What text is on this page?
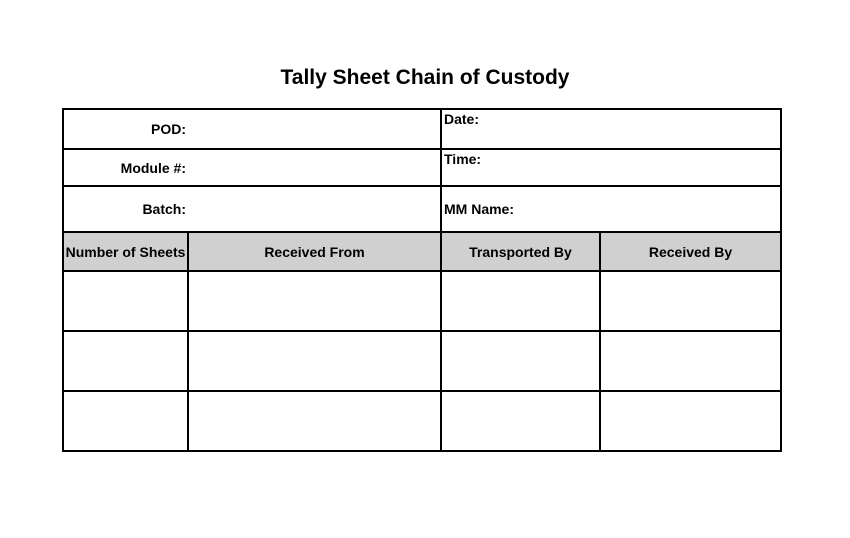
Tally Sheet Chain of Custody
POD:		Date:	
Module #:		Time:	
Batch:		MM Name:	
Number of Sheets	Received From	Transported By	Received By
